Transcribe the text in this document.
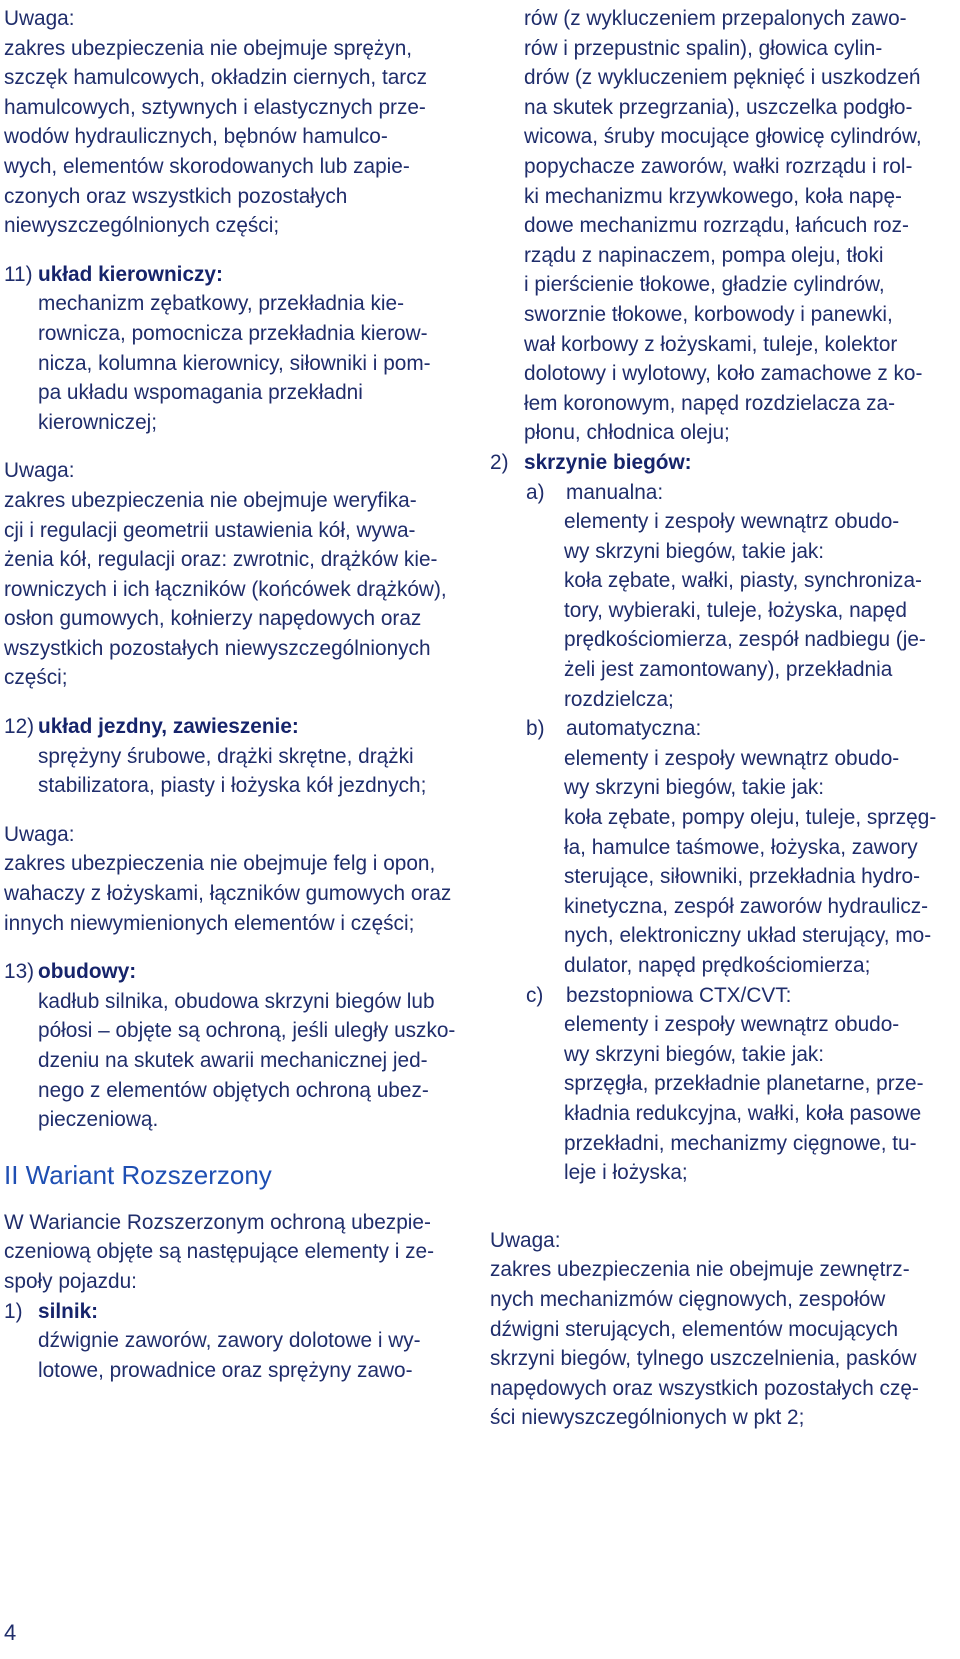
Uwaga:

zakres ubezpieczenia nie obejmuje sprężyn,
szczęk hamulcowych, okładzin ciernych, tarcz
hamulcowych, sztywnych i elastycznych prze-
wodów hydraulicznych, bębnów hamulco-
wych, elementów skorodowanych lub zapie-
czonych oraz wszystkich pozostałych
niewyszczególnionych części;
11) układ kierowniczy:
mechanizm zębatkowy, przekładnia kie-
rownicza, pomocnicza przekładnia kierow-
nicza, kolumna kierownicy, siłowniki i pom-
pa układu wspomagania przekładni
kierowniczej;

Uwaga:

zakres ubezpieczenia nie obejmuje weryfika-
cji i regulacji geometrii ustawienia kół, wywa-
żenia kół, regulacji oraz: zwrotnic, drążków kie-
rowniczych i ich łączników (końcówek drążków),
osłon gumowych, kołnierzy napędowych oraz
wszystkich pozostałych niewyszczególnionych
części;
12) układ jezdny, zawieszenie:
sprężyny śrubowe, drążki skrętne, drążki
stabilizatora, piasty i łożyska kół jezdnych;

Uwaga:

zakres ubezpieczenia nie obejmuje felg i opon,
wahaczy z łożyskami, łączników gumowych oraz
innych niewymienionych elementów i części;
13) obudowy:
kadłub silnika, obudowa skrzyni biegów lub
półosi – objęte są ochroną, jeśli uległy uszko-
dzeniu na skutek awarii mechanicznej jed-
nego z elementów objętych ochroną ubez-
pieczeniową.
II Wariant Rozszerzony
W Wariancie Rozszerzonym ochroną ubezpie-
czeniową objęte są następujące elementy i ze-
społy pojazdu:
1) silnik:
dźwignie zaworów, zawory dolotowe i wy-
lotowe, prowadnice oraz sprężyny zawo-
rów (z wykluczeniem przepalonych zawo-
rów i przepustnic spalin), głowica cylin-
drów (z wykluczeniem pęknięć i uszkodzeń
na skutek przegrzania), uszczelka podgło-
wicowa, śruby mocujące głowicę cylindrów,
popychacze zaworów, wałki rozrządu i rol-
ki mechanizmu krzywkowego, koła napę-
dowe mechanizmu rozrządu, łańcuch roz-
rządu z napinaczem, pompa oleju, tłoki
i pierścienie tłokowe, gładzie cylindrów,
sworznie tłokowe, korbowody i panewki,
wał korbowy z łożyskami, tuleje, kolektor
dolotowy i wylotowy, koło zamachowe z ko-
łem koronowym, napęd rozdzielacza za-
płonu, chłodnica oleju;
2) skrzynie biegów:
a)	manualna:
elementy i zespoły wewnątrz obudo-
wy skrzyni biegów, takie jak:
koła zębate, wałki, piasty, synchroniza-
tory, wybieraki, tuleje, łożyska, napęd
prędkościomierza, zespół nadbiegu (je-
żeli jest zamontowany), przekładnia
rozdzielcza;
b)	automatyczna:
elementy i zespoły wewnątrz obudo-
wy skrzyni biegów, takie jak:
koła zębate, pompy oleju, tuleje, sprzęg-
ła, hamulce taśmowe, łożyska, zawory
sterujące, siłowniki, przekładnia hydro-
kinetyczna, zespół zaworów hydraulicz-
nych, elektroniczny układ sterujący, mo-
dulator, napęd prędkościomierza;
c)	bezstopniowa CTX/CVT:
elementy i zespoły wewnątrz obudo-
wy skrzyni biegów, takie jak:
sprzęgła, przekładnie planetarne, prze-
kładnia redukcyjna, wałki, koła pasowe
przekładni, mechanizmy cięgnowe, tu-
leje i łożyska;

Uwaga:

zakres ubezpieczenia nie obejmuje zewnętrz-
nych mechanizmów cięgnowych, zespołów
dźwigni sterujących, elementów mocujących
skrzyni biegów, tylnego uszczelnienia, pasków
napędowych oraz wszystkich pozostałych czę-
ści niewyszczególnionych w pkt 2;
4
